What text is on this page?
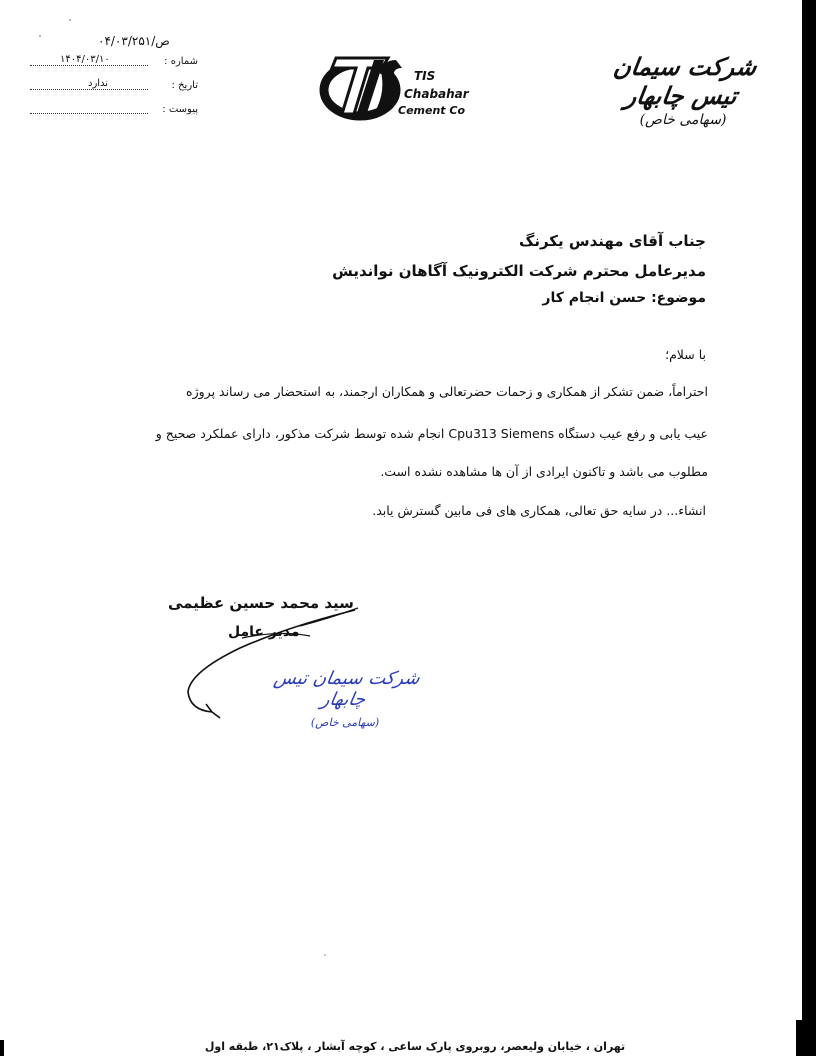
۰۴/۰۳/۲۵۱/ص
۱۴۰۴/۰۳/۱۰	شماره :
ندارد	تاریخ :
پیوست :
TIS
Chabahar
Cement Co
شرکت سیمان تیس چابهار
(سهامی خاص)
جناب آقای مهندس یکرنگ
مدیرعامل محترم شرکت الکترونیک آگاهان نواندیش
موضوع: حسن انجام کار
با سلام؛
احتراماً، ضمن تشکر از همکاری و زحمات حضرتعالی و همکاران ارجمند، به استحضار می رساند پروژه
عیب یابی و رفع عیب دستگاه Cpu313 Siemens انجام شده توسط شرکت مذکور، دارای عملکرد صحیح و
مطلوب می باشد و تاکنون ایرادی از آن ها مشاهده نشده است.
انشاء... در سایه حق تعالی، همکاری های فی مابین گسترش یابد.
سید محمد حسین عظیمی
مدیر عامل
شرکت سیمان تیس چابهار
(سهامی خاص)
تهران ، خیابان ولیعصر، روبروی پارک ساعی ، کوچه آبشار ، پلاک۲۱، طبقه اول
